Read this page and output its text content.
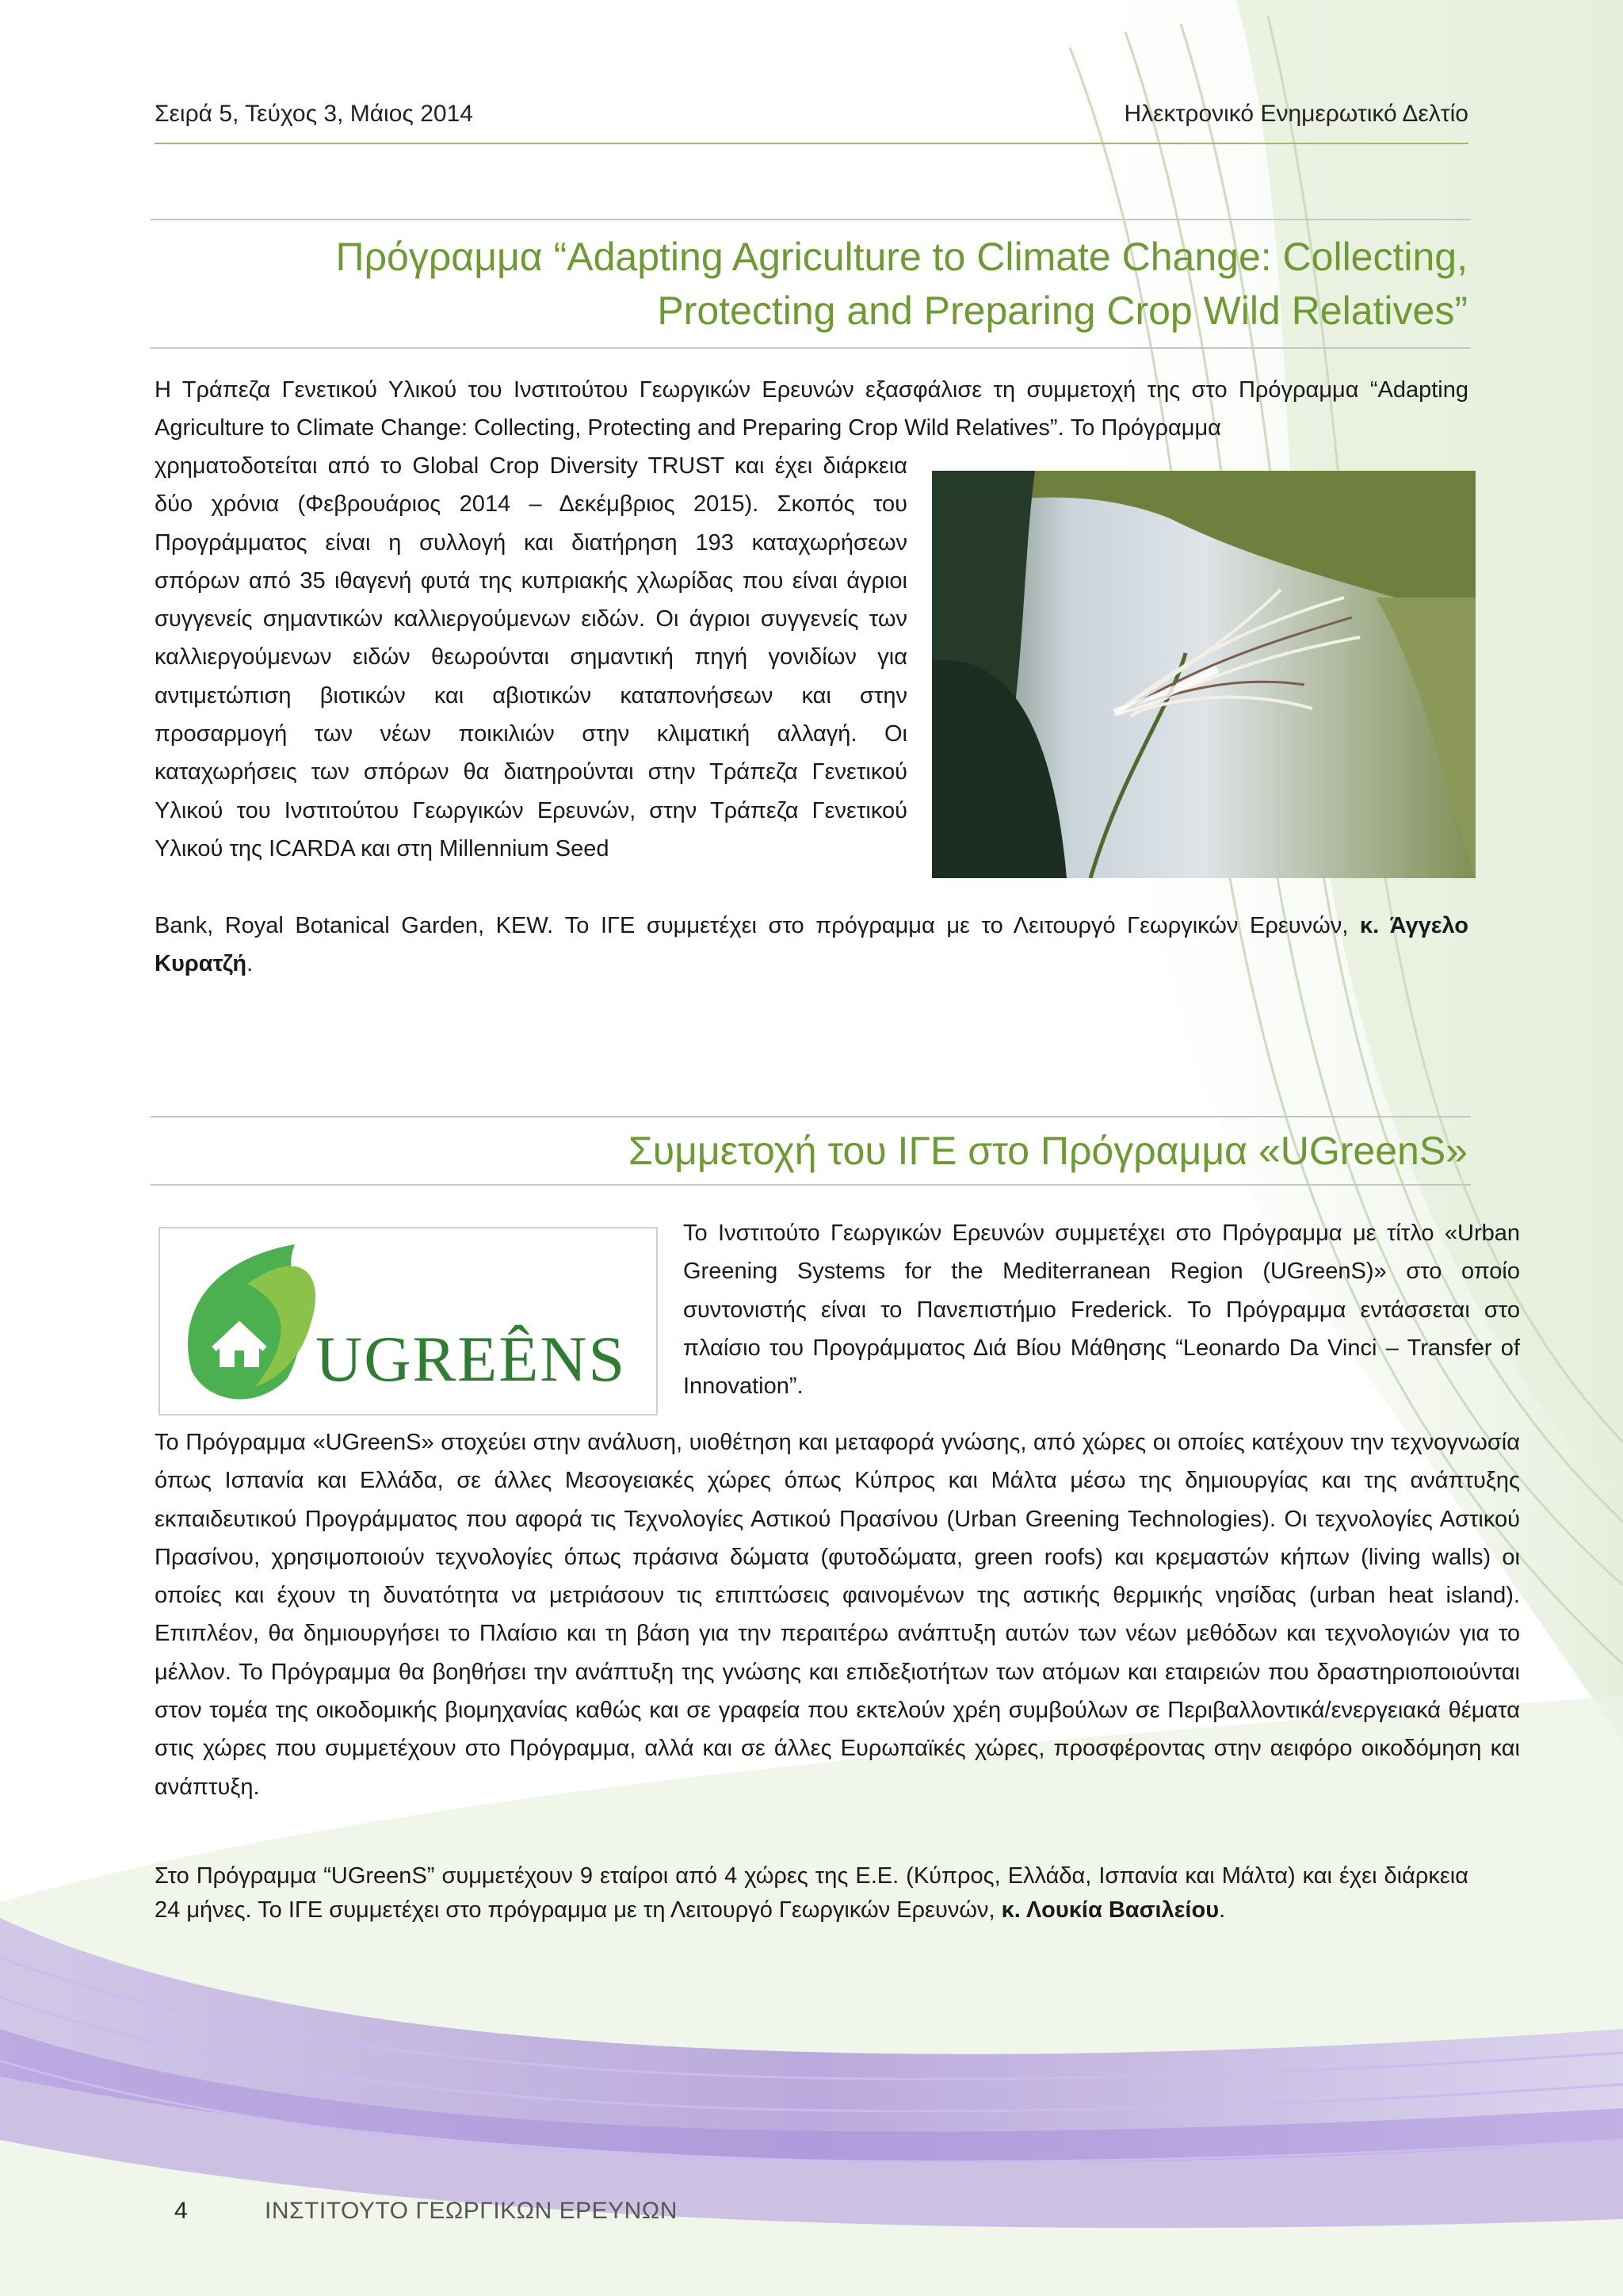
Σειρά 5, Τεύχος 3, Μάιος 2014	Ηλεκτρονικό Ενημερωτικό Δελτίο
Πρόγραμμα “Adapting Agriculture to Climate Change: Collecting,
Protecting and Preparing Crop Wild Relatives”

Η Τράπεζα Γενετικού Υλικού του Ινστιτούτου Γεωργικών Ερευνών εξασφάλισε τη συμμετοχή της στο Πρόγραμμα “Adapting Agriculture to Climate Change: Collecting, Protecting and Preparing Crop Wild Relatives”. Το Πρόγραμμα

χρηματοδοτείται από το Global Crop Diversity TRUST και έχει διάρκεια δύο χρόνια (Φεβρουάριος 2014 – Δεκέμβριος 2015). Σκοπός του Προγράμματος είναι η συλλογή και διατήρηση 193 καταχωρήσεων σπόρων από 35 ιθαγενή φυτά της κυπριακής χλωρίδας που είναι άγριοι συγγενείς σημαντικών καλλιεργούμενων ειδών. Οι άγριοι συγγενείς των καλλιεργούμενων ειδών θεωρούνται σημαντική πηγή γονιδίων για αντιμετώπιση βιοτικών και αβιοτικών καταπονήσεων και στην προσαρμογή των νέων ποικιλιών στην κλιματική αλλαγή. Οι καταχωρήσεις των σπόρων θα διατηρούνται στην Τράπεζα Γενετικού Υλικού του Ινστιτούτου Γεωργικών Ερευνών, στην Τράπεζα Γενετικού Υλικού της ICARDA και στη Millennium Seed

Bank, Royal Botanical Garden, KEW. Το ΙΓΕ συμμετέχει στο πρόγραμμα με το Λειτουργό Γεωργικών Ερευνών, κ. Άγγελο Κυρατζή.

Συμμετοχή του ΙΓΕ στο Πρόγραμμα «UGreenS»
UGREÊNS

Το Ινστιτούτο Γεωργικών Ερευνών συμμετέχει στο Πρόγραμμα με τίτλο «Urban Greening Systems for the Mediterranean Region (UGreenS)» στο οποίο συντονιστής είναι το Πανεπιστήμιο Frederick. Το Πρόγραμμα εντάσσεται στο πλαίσιο του Προγράμματος Διά Βίου Μάθησης “Leonardo Da Vinci – Transfer of Innovation”.

Το Πρόγραμμα «UGreenS» στοχεύει στην ανάλυση, υιοθέτηση και μεταφορά γνώσης, από χώρες οι οποίες κατέχουν την τεχνογνωσία όπως Ισπανία και Ελλάδα, σε άλλες Μεσογειακές χώρες όπως Κύπρος και Μάλτα μέσω της δημιουργίας και της ανάπτυξης εκπαιδευτικού Προγράμματος που αφορά τις Τεχνολογίες Αστικού Πρασίνου (Urban Greening Technologies). Οι τεχνολογίες Αστικού Πρασίνου, χρησιμοποιούν τεχνολογίες όπως πράσινα δώματα (φυτοδώματα, green roofs) και κρεμαστών κήπων (living walls) οι οποίες και έχουν τη δυνατότητα να μετριάσουν τις επιπτώσεις φαινομένων της αστικής θερμικής νησίδας (urban heat island). Επιπλέον, θα δημιουργήσει το Πλαίσιο και τη βάση για την περαιτέρω ανάπτυξη αυτών των νέων μεθόδων και τεχνολογιών για το μέλλον. Το Πρόγραμμα θα βοηθήσει την ανάπτυξη της γνώσης και επιδεξιοτήτων των ατόμων και εταιρειών που δραστηριοποιούνται στον τομέα της οικοδομικής βιομηχανίας καθώς και σε γραφεία που εκτελούν χρέη συμβούλων σε Περιβαλλοντικά/ενεργειακά θέματα στις χώρες που συμμετέχουν στο Πρόγραμμα, αλλά και σε άλλες Ευρωπαϊκές χώρες, προσφέροντας στην αειφόρο οικοδόμηση και ανάπτυξη.

Στο Πρόγραμμα “UGreenS” συμμετέχουν 9 εταίροι από 4 χώρες της Ε.Ε. (Κύπρος, Ελλάδα, Ισπανία και Μάλτα) και έχει διάρκεια 24 μήνες. Το ΙΓΕ συμμετέχει στο πρόγραμμα με τη Λειτουργό Γεωργικών Ερευνών, κ. Λουκία Βασιλείου.

4	ΙΝΣΤΙΤΟΥΤΟ ΓΕΩΡΓΙΚΩΝ ΕΡΕΥΝΩΝ
